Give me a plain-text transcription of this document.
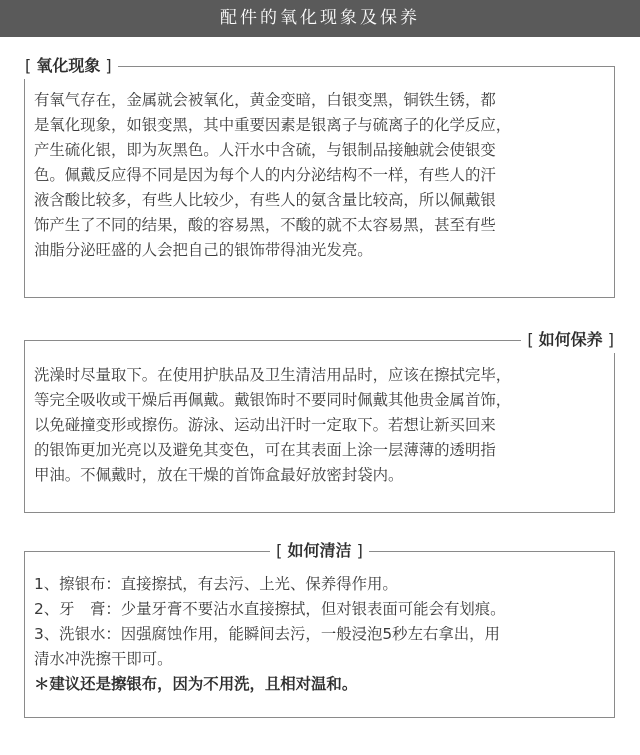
配件的氧化现象及保养
[ 氧化现象 ]

有氧气存在，金属就会被氧化，黄金变暗，白银变黑，铜铁生锈，都
是氧化现象，如银变黑，其中重要因素是银离子与硫离子的化学反应，
产生硫化银，即为灰黑色。人汗水中含硫，与银制品接触就会使银变
色。佩戴反应得不同是因为每个人的内分泌结构不一样，有些人的汗
液含酸比较多，有些人比较少，有些人的氨含量比较高，所以佩戴银
饰产生了不同的结果，酸的容易黑，不酸的就不太容易黑，甚至有些
油脂分泌旺盛的人会把自己的银饰带得油光发亮。

[ 如何保养 ]

洗澡时尽量取下。在使用护肤品及卫生清洁用品时，应该在擦拭完毕，
等完全吸收或干燥后再佩戴。戴银饰时不要同时佩戴其他贵金属首饰，
以免碰撞变形或擦伤。游泳、运动出汗时一定取下。若想让新买回来
的银饰更加光亮以及避免其变色，可在其表面上涂一层薄薄的透明指
甲油。不佩戴时，放在干燥的首饰盒最好放密封袋内。

[ 如何清洁 ]

1、擦银布：直接擦拭，有去污、上光、保养得作用。
2、牙　膏：少量牙膏不要沾水直接擦拭，但对银表面可能会有划痕。
3、洗银水：因强腐蚀作用，能瞬间去污，一般浸泡5秒左右拿出，用
清水冲洗擦干即可。
＊建议还是擦银布，因为不用洗，且相对温和。
